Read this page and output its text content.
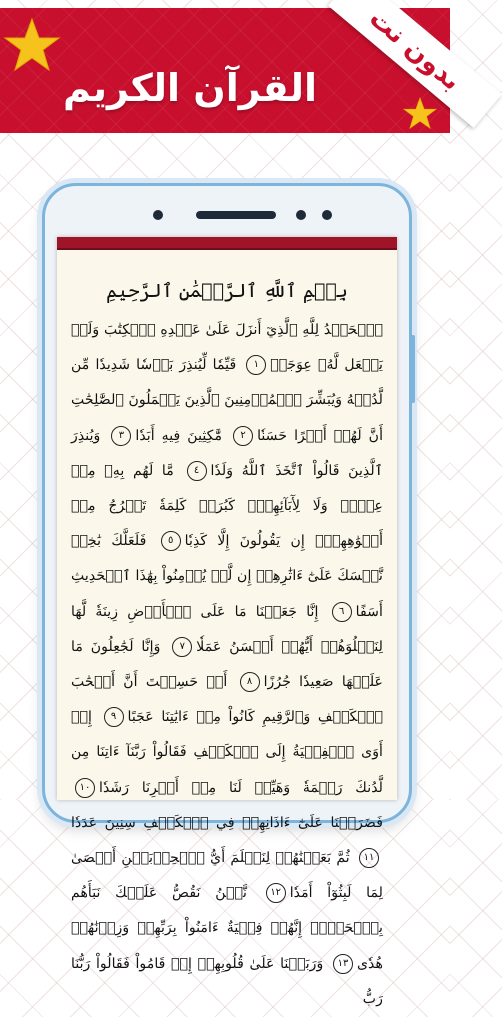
القرآن الكريم	بدون نت
بِسۡمِ ٱللَّهِ ٱلرَّحۡمَٰنِ ٱلرَّحِيمِ
ٱلۡحَمۡدُ لِلَّهِ ٱلَّذِيٓ أَنزَلَ عَلَىٰ عَبۡدِهِ ٱلۡكِتَٰبَ وَلَمۡ يَجۡعَل لَّهُۥ عِوَجَاۜ١ قَيِّمٗا لِّيُنذِرَ بَأۡسٗا شَدِيدٗا مِّن لَّدُنۡهُ وَيُبَشِّرَ ٱلۡمُؤۡمِنِينَ ٱلَّذِينَ يَعۡمَلُونَ ٱلصَّٰلِحَٰتِ أَنَّ لَهُمۡ أَجۡرًا حَسَنٗا٢ مَّٰكِثِينَ فِيهِ أَبَدٗا٣ وَيُنذِرَ ٱلَّذِينَ قَالُواْ ٱتَّخَذَ ٱللَّهُ وَلَدٗا٤ مَّا لَهُم بِهِۦ مِنۡ عِلۡمٖ وَلَا لِأٓبَآئِهِمۡۚ كَبُرَتۡ كَلِمَةٗ تَخۡرُجُ مِنۡ أَفۡوَٰهِهِمۡۚ إِن يَقُولُونَ إِلَّا كَذِبٗا٥ فَلَعَلَّكَ بَٰخِعٞ نَّفۡسَكَ عَلَىٰٓ ءَاثَٰرِهِمۡ إِن لَّمۡ يُؤۡمِنُواْ بِهَٰذَا ٱلۡحَدِيثِ أَسَفًا٦ إِنَّا جَعَلۡنَا مَا عَلَى ٱلۡأَرۡضِ زِينَةٗ لَّهَا لِنَبۡلُوَهُمۡ أَيُّهُمۡ أَحۡسَنُ عَمَلٗا٧ وَإِنَّا لَجَٰعِلُونَ مَا عَلَيۡهَا صَعِيدٗا جُرُزًا٨ أَمۡ حَسِبۡتَ أَنَّ أَصۡحَٰبَ ٱلۡكَهۡفِ وَٱلرَّقِيمِ كَانُواْ مِنۡ ءَايَٰتِنَا عَجَبًا٩ إِذۡ أَوَى ٱلۡفِتۡيَةُ إِلَى ٱلۡكَهۡفِ فَقَالُواْ رَبَّنَآ ءَاتِنَا مِن لَّدُنكَ رَحۡمَةٗ وَهَيِّئۡ لَنَا مِنۡ أَمۡرِنَا رَشَدٗا١٠ فَضَرَبۡنَا عَلَىٰٓ ءَاذَانِهِمۡ فِي ٱلۡكَهۡفِ سِنِينَ عَدَدٗا١١ ثُمَّ بَعَثۡنَٰهُمۡ لِنَعۡلَمَ أَيُّ ٱلۡحِزۡبَيۡنِ أَحۡصَىٰ لِمَا لَبِثُوٓاْ أَمَدٗا١٢ نَّحۡنُ نَقُصُّ عَلَيۡكَ نَبَأَهُم بِٱلۡحَقِّۚ إِنَّهُمۡ فِتۡيَةٌ ءَامَنُواْ بِرَبِّهِمۡ وَزِدۡنَٰهُمۡ هُدٗى١٣ وَرَبَطۡنَا عَلَىٰ قُلُوبِهِمۡ إِذۡ قَامُواْ فَقَالُواْ رَبُّنَا رَبُّ
